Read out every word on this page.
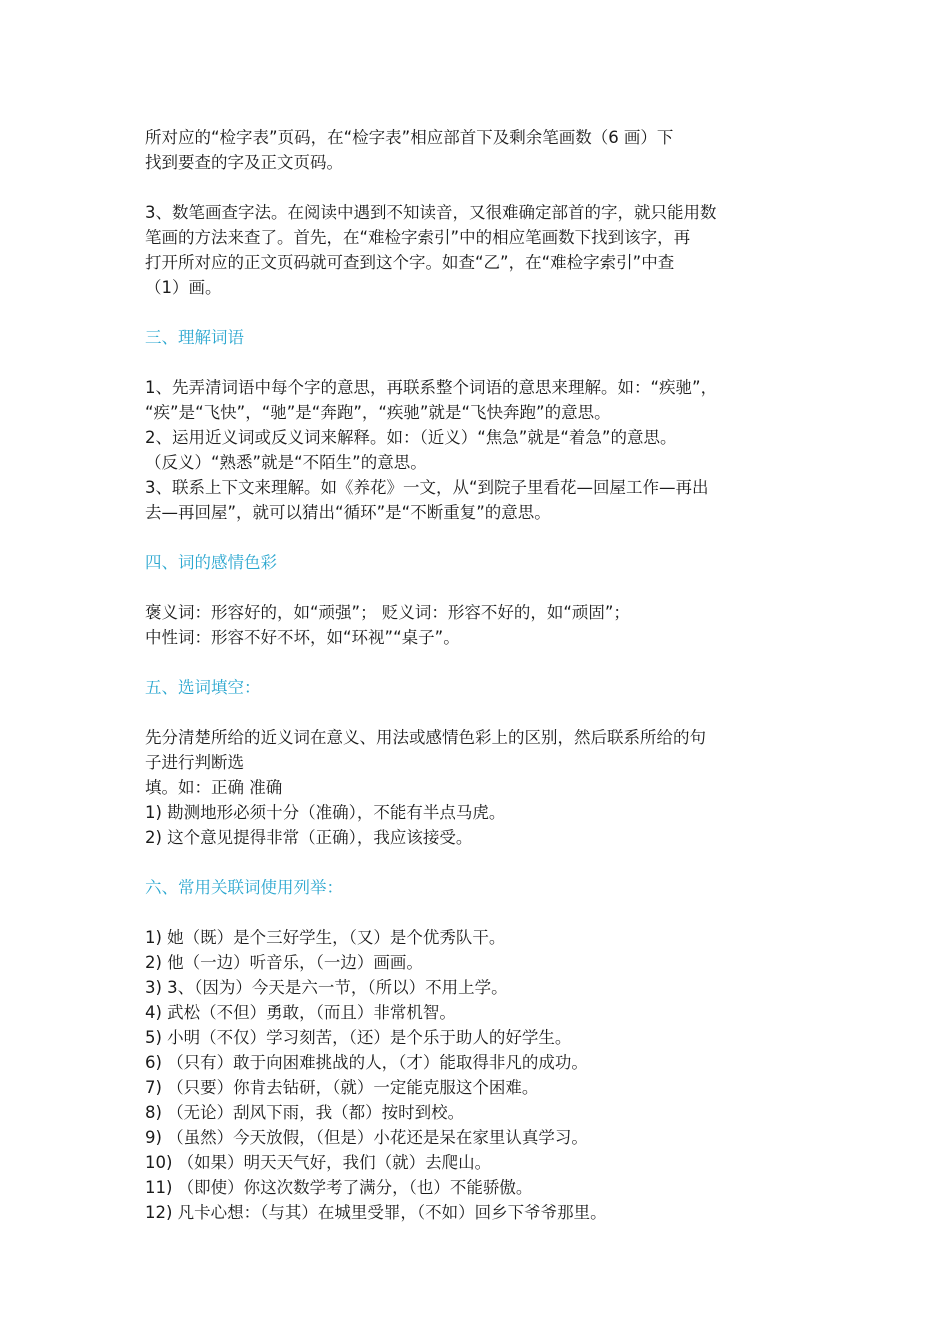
所对应的“检字表”页码，在“检字表”相应部首下及剩余笔画数（6 画）下

找到要查的字及正文页码。

3、数笔画查字法。在阅读中遇到不知读音，又很难确定部首的字，就只能用数

笔画的方法来查了。首先，在“难检字索引”中的相应笔画数下找到该字，再

打开所对应的正文页码就可查到这个字。如查“乙”，在“难检字索引”中查

（1）画。

三、理解词语

1、先弄清词语中每个字的意思，再联系整个词语的意思来理解。如：“疾驰”，

“疾”是“飞快”，“驰”是“奔跑”，“疾驰”就是“飞快奔跑”的意思。

2、运用近义词或反义词来解释。如：（近义）“焦急”就是“着急”的意思。

（反义）“熟悉”就是“不陌生”的意思。

3、联系上下文来理解。如《养花》一文，从“到院子里看花—回屋工作—再出

去—再回屋”，就可以猜出“循环”是“不断重复”的意思。

四、词的感情色彩

褒义词：形容好的，如“顽强”； 贬义词：形容不好的，如“顽固”；

中性词：形容不好不坏，如“环视”“桌子”。

五、选词填空：

先分清楚所给的近义词在意义、用法或感情色彩上的区别，然后联系所给的句

子进行判断选

填。如：正确 准确

1) 勘测地形必须十分（准确），不能有半点马虎。

2) 这个意见提得非常（正确），我应该接受。

六、常用关联词使用列举：

1) 她（既）是个三好学生，（又）是个优秀队干。

2) 他（一边）听音乐，（一边）画画。

3) 3、（因为）今天是六一节，（所以）不用上学。

4) 武松（不但）勇敢，（而且）非常机智。

5) 小明（不仅）学习刻苦，（还）是个乐于助人的好学生。

6) （只有）敢于向困难挑战的人，（才）能取得非凡的成功。

7) （只要）你肯去钻研，（就）一定能克服这个困难。

8) （无论）刮风下雨，我（都）按时到校。

9) （虽然）今天放假，（但是）小花还是呆在家里认真学习。

10) （如果）明天天气好，我们（就）去爬山。

11) （即使）你这次数学考了满分，（也）不能骄傲。

12) 凡卡心想：（与其）在城里受罪，（不如）回乡下爷爷那里。
